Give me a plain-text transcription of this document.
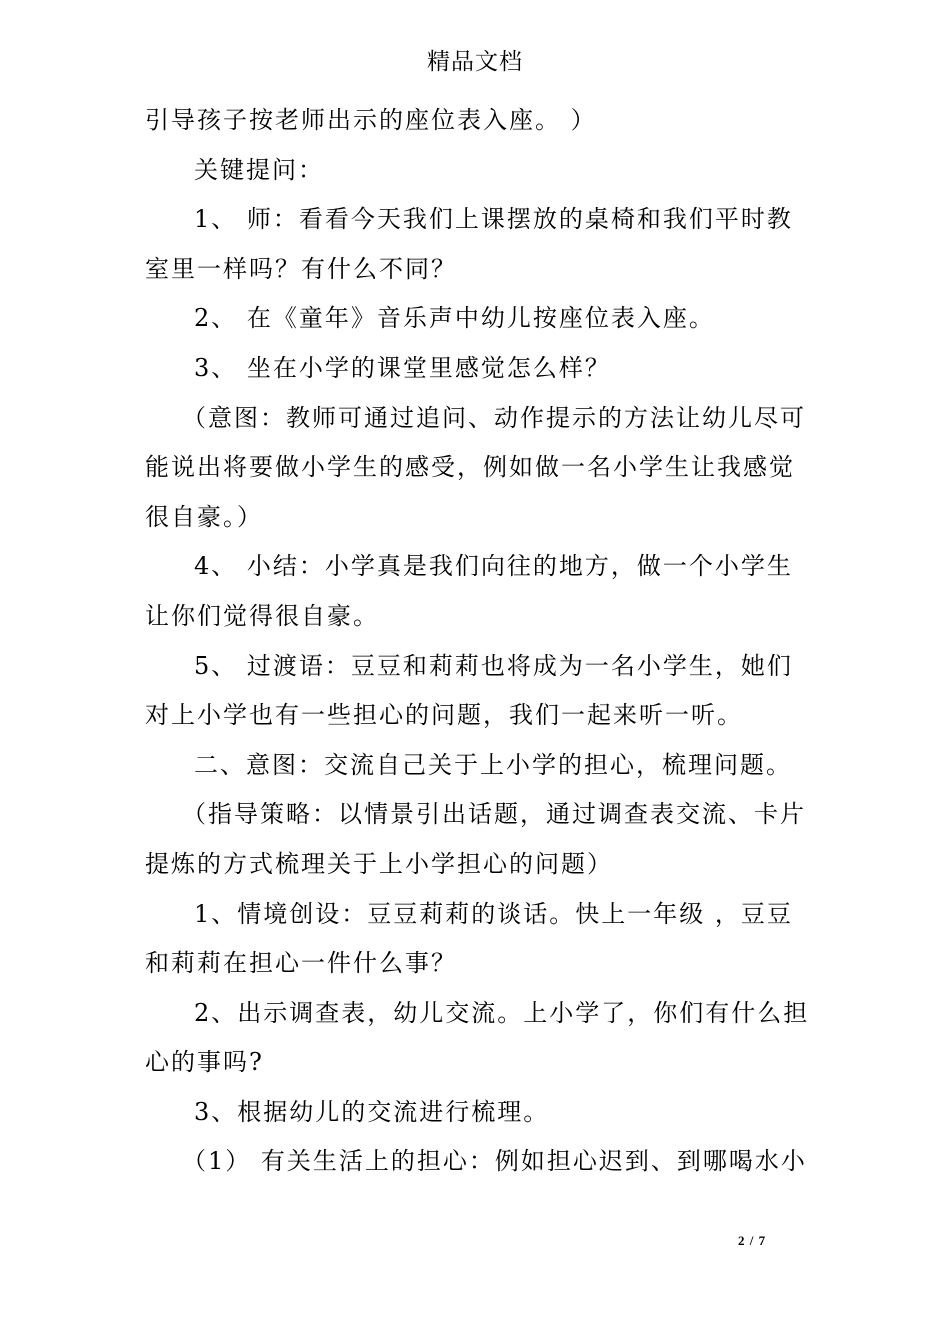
精品文档

引导孩子按老师出示的座位表入座。 ）

关键提问：

1、 师：看看今天我们上课摆放的桌椅和我们平时教室里一样吗？有什么不同？

2、 在《童年》音乐声中幼儿按座位表入座。

3、 坐在小学的课堂里感觉怎么样？

（意图：教师可通过追问、动作提示的方法让幼儿尽可能说出将要做小学生的感受，例如做一名小学生让我感觉很自豪。）

4、 小结：小学真是我们向往的地方，做一个小学生让你们觉得很自豪。

5、 过渡语：豆豆和莉莉也将成为一名小学生，她们对上小学也有一些担心的问题，我们一起来听一听。

二、意图：交流自己关于上小学的担心，梳理问题。

（指导策略：以情景引出话题，通过调查表交流、卡片提炼的方式梳理关于上小学担心的问题）

1、情境创设：豆豆莉莉的谈话。快上一年级 ，豆豆和莉莉在担心一件什么事？

2、出示调查表，幼儿交流。上小学了，你们有什么担心的事吗?

3、根据幼儿的交流进行梳理。

（1） 有关生活上的担心：例如担心迟到、到哪喝水小

2 / 7
